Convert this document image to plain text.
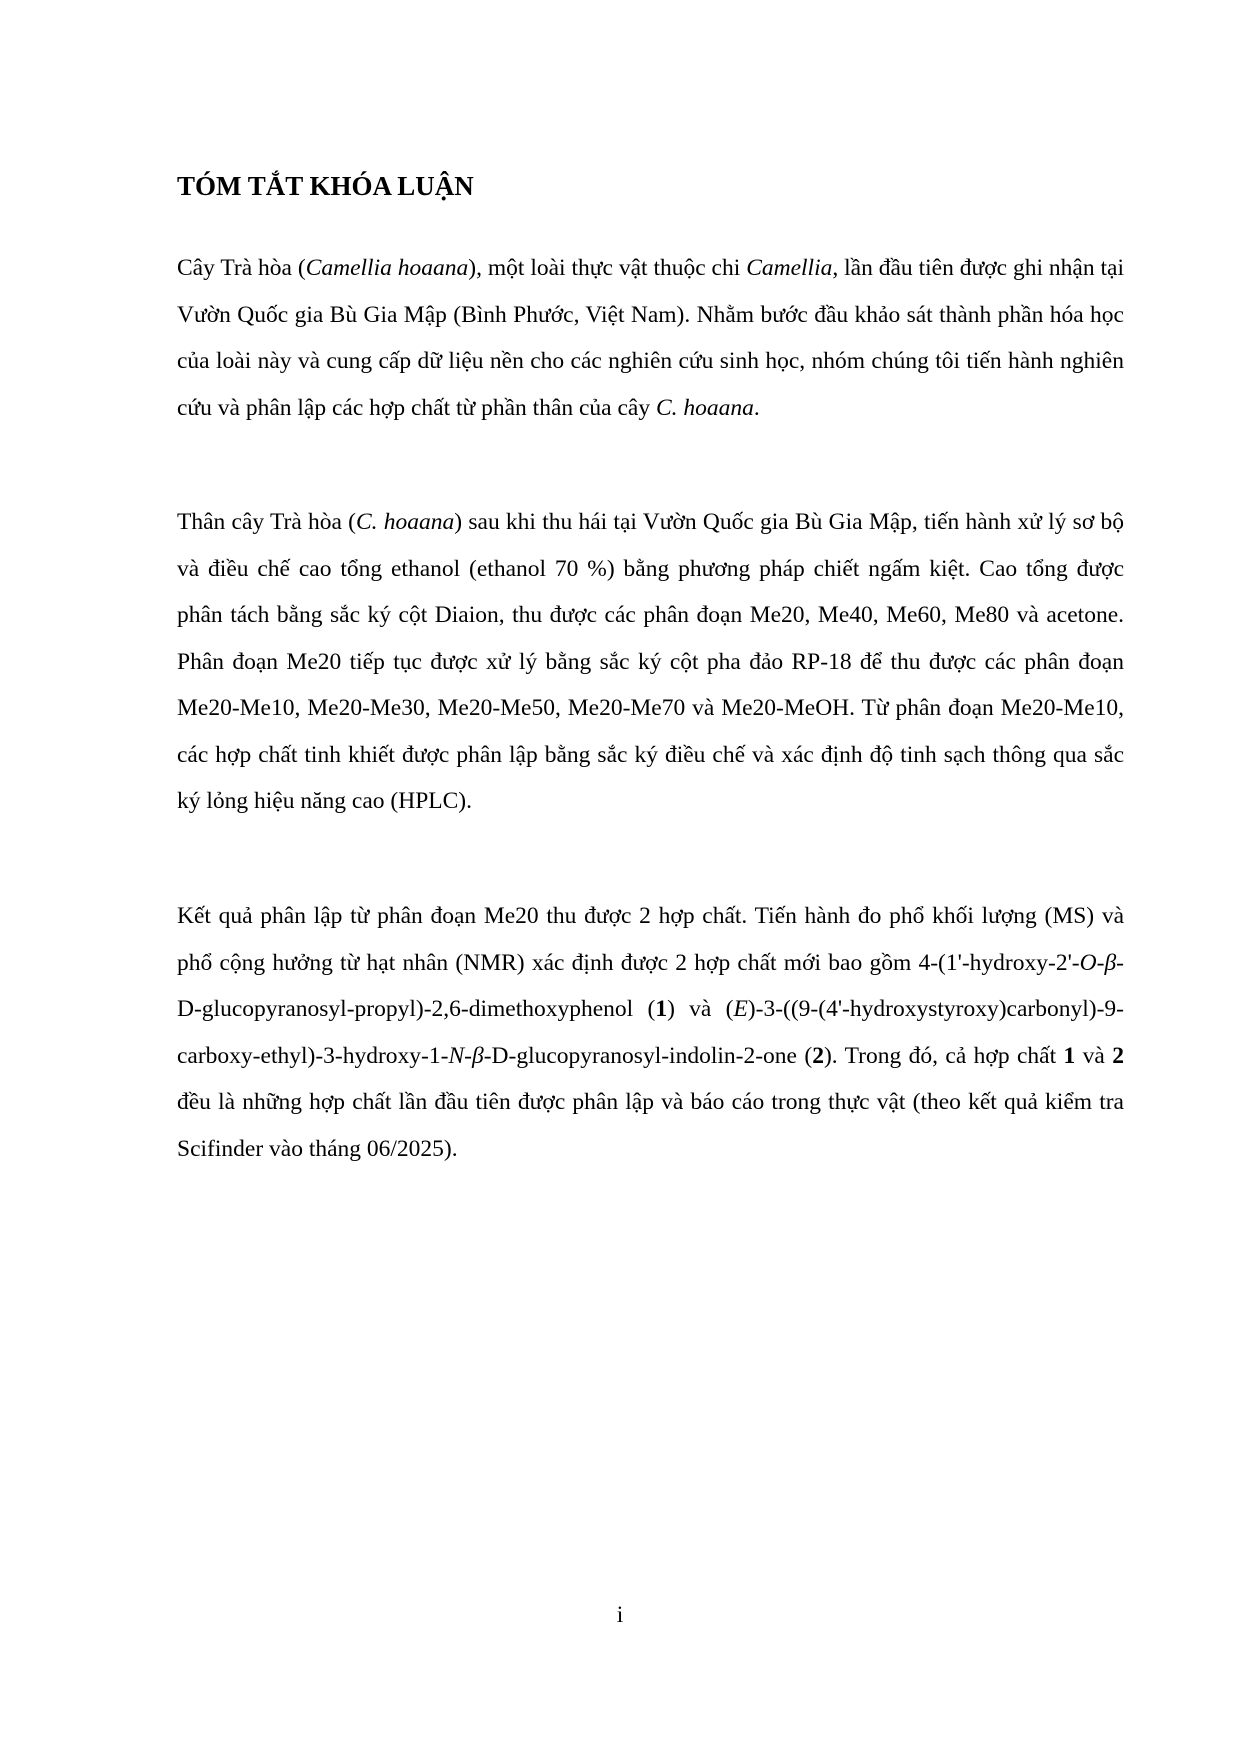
TÓM TẮT KHÓA LUẬN

Cây Trà hòa (Camellia hoaana), một loài thực vật thuộc chi Camellia, lần đầu tiên được ghi nhận tại Vườn Quốc gia Bù Gia Mập (Bình Phước, Việt Nam). Nhằm bước đầu khảo sát thành phần hóa học của loài này và cung cấp dữ liệu nền cho các nghiên cứu sinh học, nhóm chúng tôi tiến hành nghiên cứu và phân lập các hợp chất từ phần thân của cây C. hoaana.

Thân cây Trà hòa (C. hoaana) sau khi thu hái tại Vườn Quốc gia Bù Gia Mập, tiến hành xử lý sơ bộ và điều chế cao tổng ethanol (ethanol 70 %) bằng phương pháp chiết ngấm kiệt. Cao tổng được phân tách bằng sắc ký cột Diaion, thu được các phân đoạn Me20, Me40, Me60, Me80 và acetone. Phân đoạn Me20 tiếp tục được xử lý bằng sắc ký cột pha đảo RP-18 để thu được các phân đoạn Me20-Me10, Me20-Me30, Me20-Me50, Me20-Me70 và Me20-MeOH. Từ phân đoạn Me20-Me10, các hợp chất tinh khiết được phân lập bằng sắc ký điều chế và xác định độ tinh sạch thông qua sắc ký lỏng hiệu năng cao (HPLC).

Kết quả phân lập từ phân đoạn Me20 thu được 2 hợp chất. Tiến hành đo phổ khối lượng (MS) và phổ cộng hưởng từ hạt nhân (NMR) xác định được 2 hợp chất mới bao gồm 4-(1'-hydroxy-2'-O-β-D-glucopyranosyl-propyl)-2,6-dimethoxyphenol (1) và (E)-3-((9-(4'-hydroxystyroxy)carbonyl)-9-carboxy-ethyl)-3-hydroxy-1-N-β-D-glucopyranosyl-indolin-2-one (2). Trong đó, cả hợp chất 1 và 2 đều là những hợp chất lần đầu tiên được phân lập và báo cáo trong thực vật (theo kết quả kiểm tra Scifinder vào tháng 06/2025).

i
